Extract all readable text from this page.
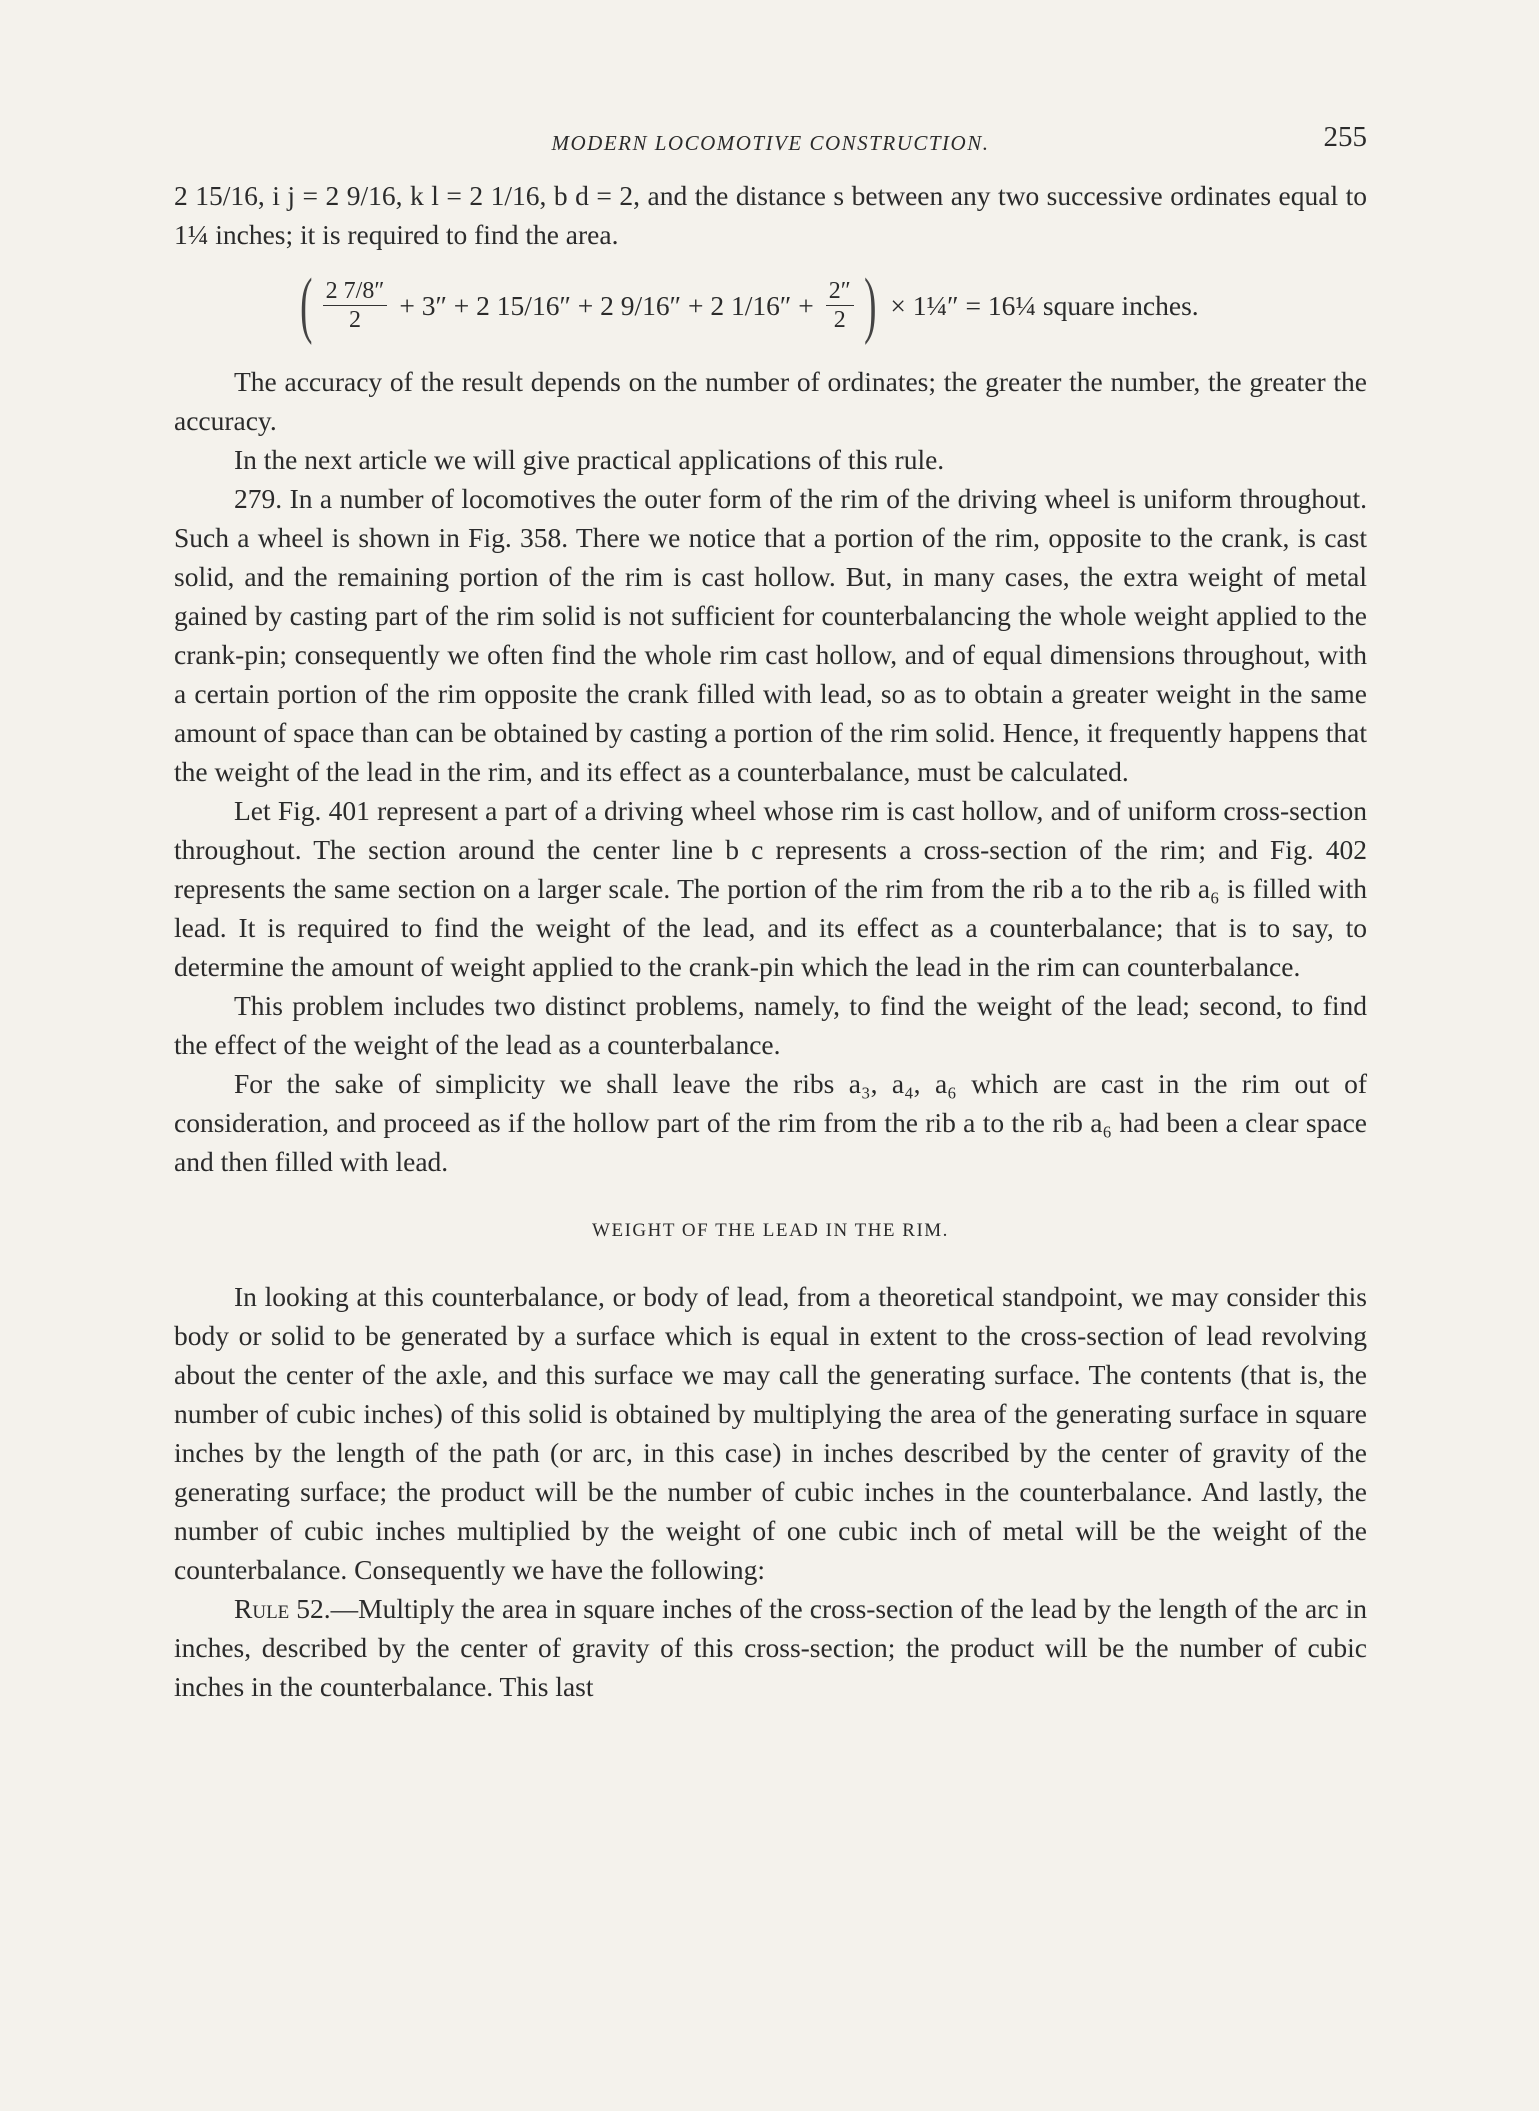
MODERN LOCOMOTIVE CONSTRUCTION.	255

2 15/16, i j = 2 9/16, k l = 2 1/16, b d = 2, and the distance s between any two successive ordinates equal to 1¼ inches; it is required to find the area.

( $\frac{2 7/8''}{2} + 3'' + 2$ 15/16″ + 2 9/16″ + 2 $1/16'' + \frac{2''}{2}$ ) × 1¼″ = 16¼ square inches.

The accuracy of the result depends on the number of ordinates; the greater the number, the greater the accuracy.

In the next article we will give practical applications of this rule.

279. In a number of locomotives the outer form of the rim of the driving wheel is uniform throughout. Such a wheel is shown in Fig. 358. There we notice that a portion of the rim, opposite to the crank, is cast solid, and the remaining portion of the rim is cast hollow. But, in many cases, the extra weight of metal gained by casting part of the rim solid is not sufficient for counterbalancing the whole weight applied to the crank-pin; consequently we often find the whole rim cast hollow, and of equal dimensions throughout, with a certain portion of the rim opposite the crank filled with lead, so as to obtain a greater weight in the same amount of space than can be obtained by casting a portion of the rim solid. Hence, it frequently happens that the weight of the lead in the rim, and its effect as a counterbalance, must be calculated.

Let Fig. 401 represent a part of a driving wheel whose rim is cast hollow, and of uniform cross-section throughout. The section around the center line b c represents a cross-section of the rim; and Fig. 402 represents the same section on a larger scale. The portion of the rim from the rib a to the rib a₆ is filled with lead. It is required to find the weight of the lead, and its effect as a counterbalance; that is to say, to determine the amount of weight applied to the crank-pin which the lead in the rim can counterbalance.

This problem includes two distinct problems, namely, to find the weight of the lead; second, to find the effect of the weight of the lead as a counterbalance.

For the sake of simplicity we shall leave the ribs a₃, a₄, a₆ which are cast in the rim out of consideration, and proceed as if the hollow part of the rim from the rib a to the rib a₆ had been a clear space and then filled with lead.

WEIGHT OF THE LEAD IN THE RIM.

In looking at this counterbalance, or body of lead, from a theoretical standpoint, we may consider this body or solid to be generated by a surface which is equal in extent to the cross-section of lead revolving about the center of the axle, and this surface we may call the generating surface. The contents (that is, the number of cubic inches) of this solid is obtained by multiplying the area of the generating surface in square inches by the length of the path (or arc, in this case) in inches described by the center of gravity of the generating surface; the product will be the number of cubic inches in the counterbalance. And lastly, the number of cubic inches multiplied by the weight of one cubic inch of metal will be the weight of the counterbalance. Consequently we have the following:

Rule 52.—Multiply the area in square inches of the cross-section of the lead by the length of the arc in inches, described by the center of gravity of this cross-section; the product will be the number of cubic inches in the counterbalance. This last
